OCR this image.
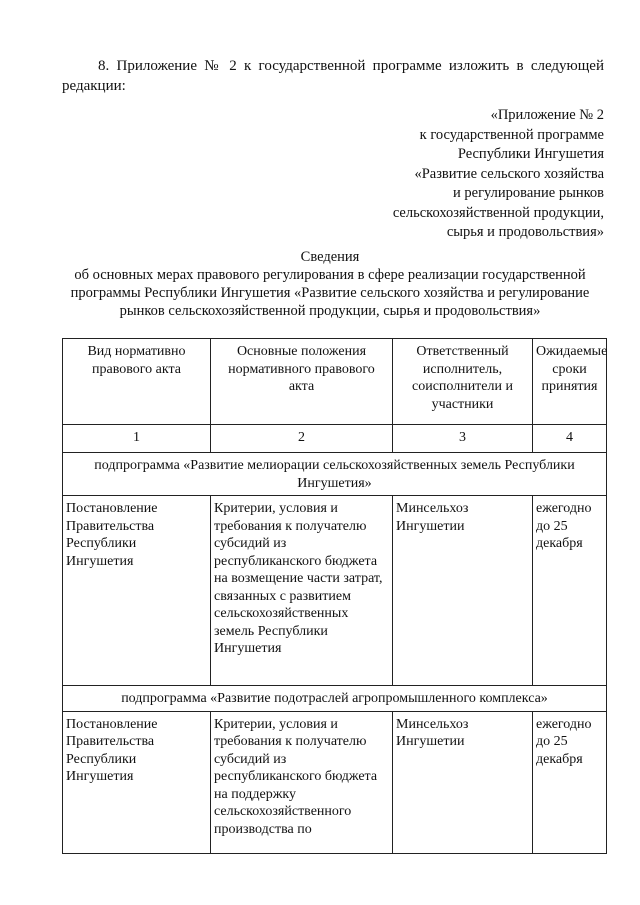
8. Приложение № 2 к государственной программе изложить в следующей редакции:
«Приложение № 2
к государственной программе
Республики Ингушетия
«Развитие сельского хозяйства
и регулирование рынков
сельскохозяйственной продукции,
сырья и продовольствия»
Сведения
об основных мерах правового регулирования в сфере реализации государственной
программы Республики Ингушетия «Развитие сельского хозяйства и регулирование
рынков сельскохозяйственной продукции, сырья и продовольствия»
Вид нормативно правового акта	Основные положения нормативного правового акта	Ответственный исполнитель, соисполнители и участники	Ожидаемые сроки принятия
1	2	3	4
подпрограмма «Развитие мелиорации сельскохозяйственных земель Республики Ингушетия»			
Постановление Правительства Республики Ингушетия	Критерии, условия и требования к получателю субсидий из республиканского бюджета на возмещение части затрат, связанных с развитием сельскохозяйственных земель Республики Ингушетия	Минсельхоз Ингушетии	ежегодно до 25 декабря
подпрограмма «Развитие подотраслей агропромышленного комплекса»			
Постановление Правительства Республики Ингушетия	Критерии, условия и требования к получателю субсидий из республиканского бюджета на поддержку сельскохозяйственного производства по	Минсельхоз Ингушетии	ежегодно до 25 декабря
